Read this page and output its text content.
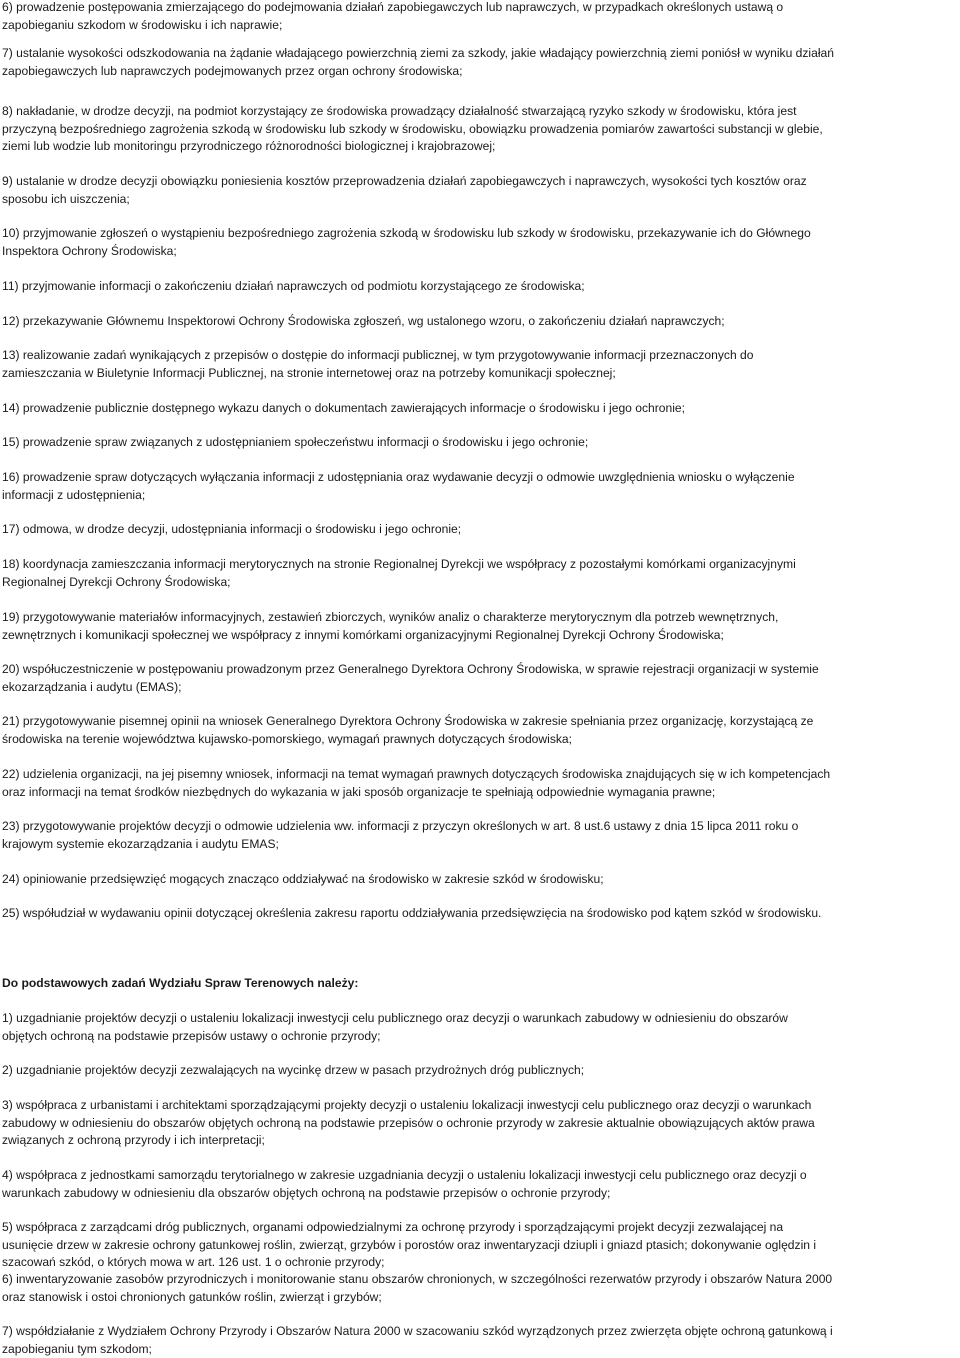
6) prowadzenie postępowania zmierzającego do podejmowania działań zapobiegawczych lub naprawczych, w przypadkach określonych ustawą o
zapobieganiu szkodom w środowisku i ich naprawie;

7) ustalanie wysokości odszkodowania na żądanie władającego powierzchnią ziemi za szkody, jakie władający powierzchnią ziemi poniósł w wyniku działań
zapobiegawczych lub naprawczych podejmowanych przez organ ochrony środowiska;

8) nakładanie, w drodze decyzji, na podmiot korzystający ze środowiska prowadzący działalność stwarzającą ryzyko szkody w środowisku, która jest
przyczyną bezpośredniego zagrożenia szkodą w środowisku lub szkody w środowisku, obowiązku prowadzenia pomiarów zawartości substancji w glebie,
ziemi lub wodzie lub monitoringu przyrodniczego różnorodności biologicznej i krajobrazowej;

9) ustalanie w drodze decyzji obowiązku poniesienia kosztów przeprowadzenia działań zapobiegawczych i naprawczych, wysokości tych kosztów oraz
sposobu ich uiszczenia;

10) przyjmowanie zgłoszeń o wystąpieniu bezpośredniego zagrożenia szkodą w środowisku lub szkody w środowisku, przekazywanie ich do Głównego
Inspektora Ochrony Środowiska;

11) przyjmowanie informacji o zakończeniu działań naprawczych od podmiotu korzystającego ze środowiska;

12) przekazywanie Głównemu Inspektorowi Ochrony Środowiska zgłoszeń, wg ustalonego wzoru, o zakończeniu działań naprawczych;

13) realizowanie zadań wynikających z przepisów o dostępie do informacji publicznej, w tym przygotowywanie informacji przeznaczonych do
zamieszczania w Biuletynie Informacji Publicznej, na stronie internetowej oraz na potrzeby komunikacji społecznej;

14) prowadzenie publicznie dostępnego wykazu danych o dokumentach zawierających informacje o środowisku i jego ochronie;

15) prowadzenie spraw związanych z udostępnianiem społeczeństwu informacji o środowisku i jego ochronie;

16) prowadzenie spraw dotyczących wyłączania informacji z udostępniania oraz wydawanie decyzji o odmowie uwzględnienia wniosku o wyłączenie
informacji z udostępnienia;

17) odmowa, w drodze decyzji, udostępniania informacji o środowisku i jego ochronie;

18) koordynacja zamieszczania informacji merytorycznych na stronie Regionalnej Dyrekcji we współpracy z pozostałymi komórkami organizacyjnymi
Regionalnej Dyrekcji Ochrony Środowiska;

19) przygotowywanie materiałów informacyjnych, zestawień zbiorczych, wyników analiz o charakterze merytorycznym dla potrzeb wewnętrznych,
zewnętrznych i komunikacji społecznej we współpracy z innymi komórkami organizacyjnymi Regionalnej Dyrekcji Ochrony Środowiska;

20) współuczestniczenie w postępowaniu prowadzonym przez Generalnego Dyrektora Ochrony Środowiska, w sprawie rejestracji organizacji w systemie
ekozarządzania i audytu (EMAS);

21) przygotowywanie pisemnej opinii na wniosek Generalnego Dyrektora Ochrony Środowiska w zakresie spełniania przez organizację, korzystającą ze
środowiska na terenie województwa kujawsko-pomorskiego, wymagań prawnych dotyczących środowiska;

22) udzielenia organizacji, na jej pisemny wniosek, informacji na temat wymagań prawnych dotyczących środowiska znajdujących się w ich kompetencjach
oraz informacji na temat środków niezbędnych do wykazania w jaki sposób organizacje te spełniają odpowiednie wymagania prawne;

23) przygotowywanie projektów decyzji o odmowie udzielenia ww. informacji z przyczyn określonych w art. 8 ust.6 ustawy z dnia 15 lipca 2011 roku o
krajowym systemie ekozarządzania i audytu EMAS;

24) opiniowanie przedsięwzięć mogących znacząco oddziaływać na środowisko w zakresie szkód w środowisku;

25) współudział w wydawaniu opinii dotyczącej określenia zakresu raportu oddziaływania przedsięwzięcia na środowisko pod kątem szkód w środowisku.

Do podstawowych zadań Wydziału Spraw Terenowych należy:

1) uzgadnianie projektów decyzji o ustaleniu lokalizacji inwestycji celu publicznego oraz decyzji o warunkach zabudowy w odniesieniu do obszarów
objętych ochroną na podstawie przepisów ustawy o ochronie przyrody;

2) uzgadnianie projektów decyzji zezwalających na wycinkę drzew w pasach przydrożnych dróg publicznych;

3) współpraca z urbanistami i architektami sporządzającymi projekty decyzji o ustaleniu lokalizacji inwestycji celu publicznego oraz decyzji o warunkach
zabudowy w odniesieniu do obszarów objętych ochroną na podstawie przepisów o ochronie przyrody w zakresie aktualnie obowiązujących aktów prawa
związanych z ochroną przyrody i ich interpretacji;

4) współpraca z jednostkami samorządu terytorialnego w zakresie uzgadniania decyzji o ustaleniu lokalizacji inwestycji celu publicznego oraz decyzji o
warunkach zabudowy w odniesieniu dla obszarów objętych ochroną na podstawie przepisów o ochronie przyrody;

5) współpraca z zarządcami dróg publicznych, organami odpowiedzialnymi za ochronę przyrody i sporządzającymi projekt decyzji zezwalającej na
usunięcie drzew w zakresie ochrony gatunkowej roślin, zwierząt, grzybów i porostów oraz inwentaryzacji dziupli i gniazd ptasich; dokonywanie oględzin i
szacowań szkód, o których mowa w art. 126 ust. 1 o ochronie przyrody;

6) inwentaryzowanie zasobów przyrodniczych i monitorowanie stanu obszarów chronionych, w szczególności rezerwatów przyrody i obszarów Natura 2000
oraz stanowisk i ostoi chronionych gatunków roślin, zwierząt i grzybów;

7) współdziałanie z Wydziałem Ochrony Przyrody i Obszarów Natura 2000 w szacowaniu szkód wyrządzonych przez zwierzęta objęte ochroną gatunkową i
zapobieganiu tym szkodom;
